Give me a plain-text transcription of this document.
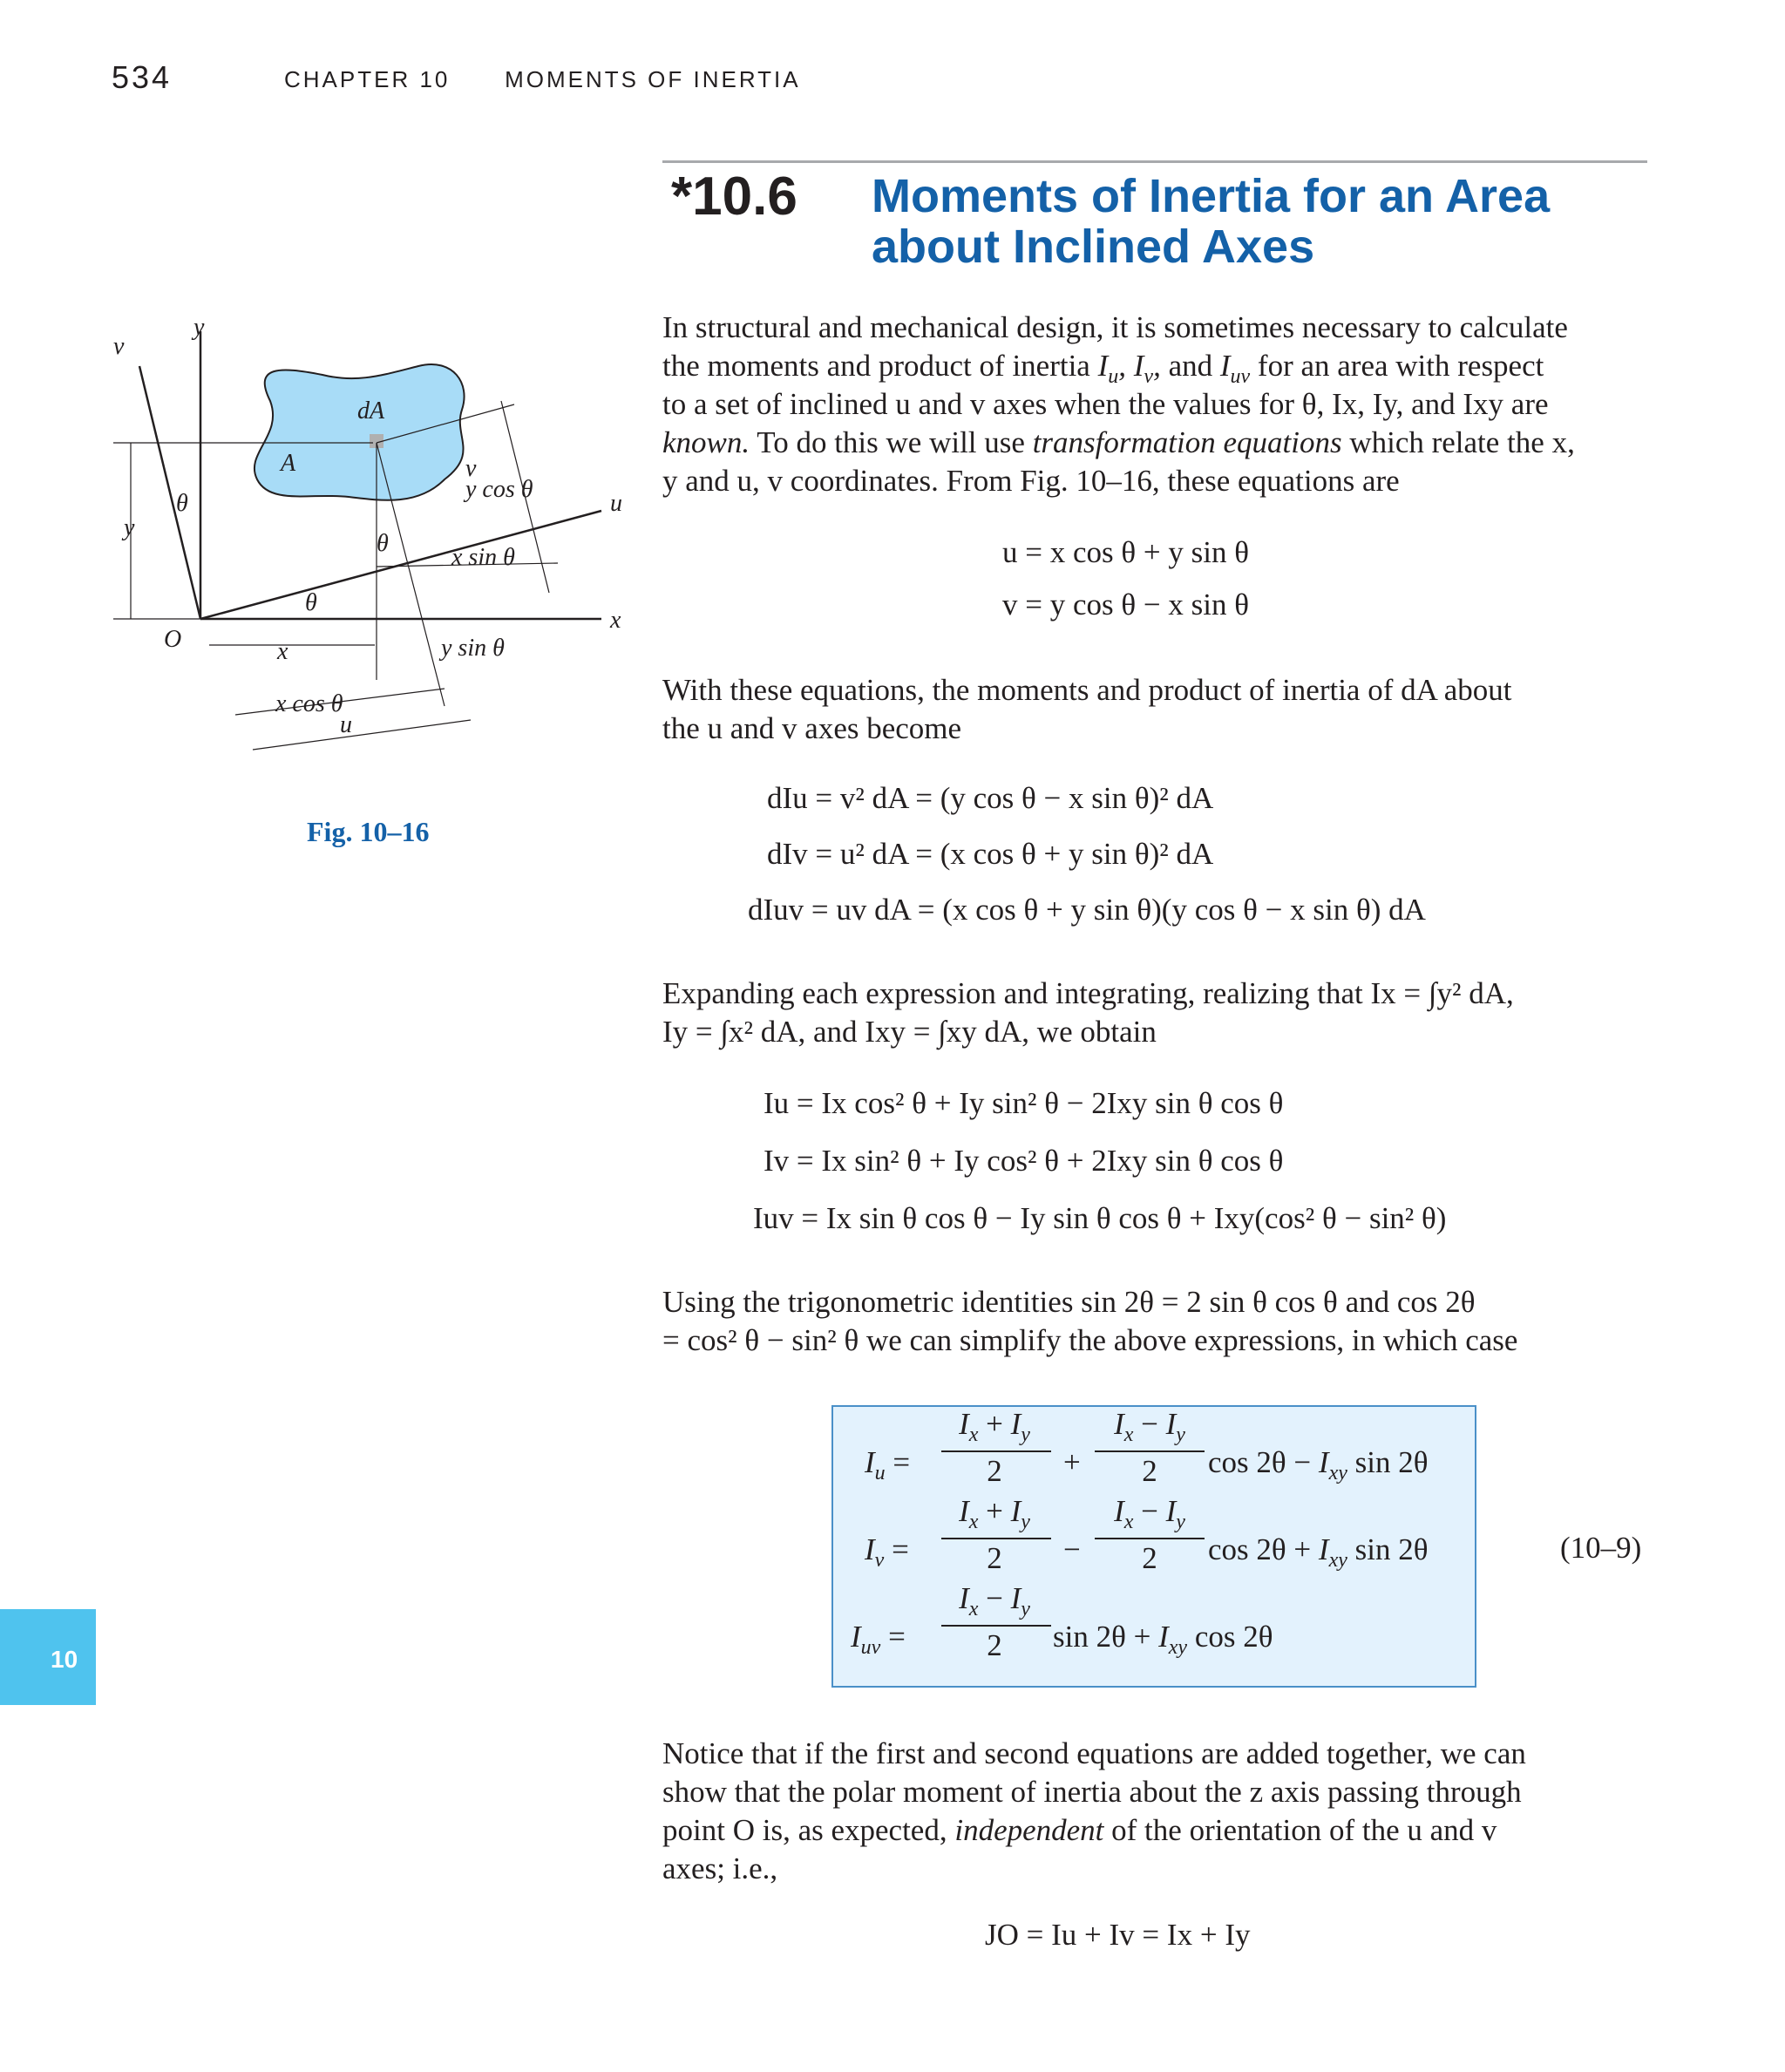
534	CHAPTER 10 MOMENTS OF INERTIA
*10.6 Moments of Inertia for an Area
about Inclined Axes
v
y
u
x
A
dA
O
θ
θ
θ
y
x
y cos θ
x sin θ
y sin θ
x cos θ
u
v
Fig. 10–16
10
In structural and mechanical design, it is sometimes necessary to calculate
the moments and product of inertia $I_u$, $I_v$, and $I_{uv}$ for an area with respect
to a set of inclined u and v axes when the values for θ, Ix, Iy, and Ixy are
known. To do this we will use transformation equations which relate the x,
y and u, v coordinates. From Fig. 10–16, these equations are
u = x cos θ + y sin θ
v = y cos θ − x sin θ
With these equations, the moments and product of inertia of dA about
the u and v axes become
dIu = v² dA = (y cos θ − x sin θ)² dA
dIv = u² dA = (x cos θ + y sin θ)² dA
dIuv = uv dA = (x cos θ + y sin θ)(y cos θ − x sin θ) dA
Expanding each expression and integrating, realizing that Ix = ∫y² dA,
Iy = ∫x² dA, and Ixy = ∫xy dA, we obtain
Iu = Ix cos² θ + Iy sin² θ − 2Ixy sin θ cos θ
Iv = Ix sin² θ + Iy cos² θ + 2Ixy sin θ cos θ
Iuv = Ix sin θ cos θ − Iy sin θ cos θ + Ixy(cos² θ − sin² θ)
Using the trigonometric identities sin 2θ = 2 sin θ cos θ and cos 2θ
= cos² θ − sin² θ we can simplify the above expressions, in which case
$I_u$ =
$I_x + I_y$
2	+
$I_x - I_y$
2	$\cos 2\theta - I_{xy}$ sin 2θ
$I_v$ =
$I_x + I_y$
2	−
$I_x - I_y$
2	$\cos 2\theta + I_{xy}$ sin 2θ
$I_{uv}$ =
$I_x - I_y$
2	$\sin 2\theta + I_{xy}$ cos 2θ
(10–9)
Notice that if the first and second equations are added together, we can
show that the polar moment of inertia about the z axis passing through
point O is, as expected, independent of the orientation of the u and v
axes; i.e.,
JO = Iu + Iv = Ix + Iy
